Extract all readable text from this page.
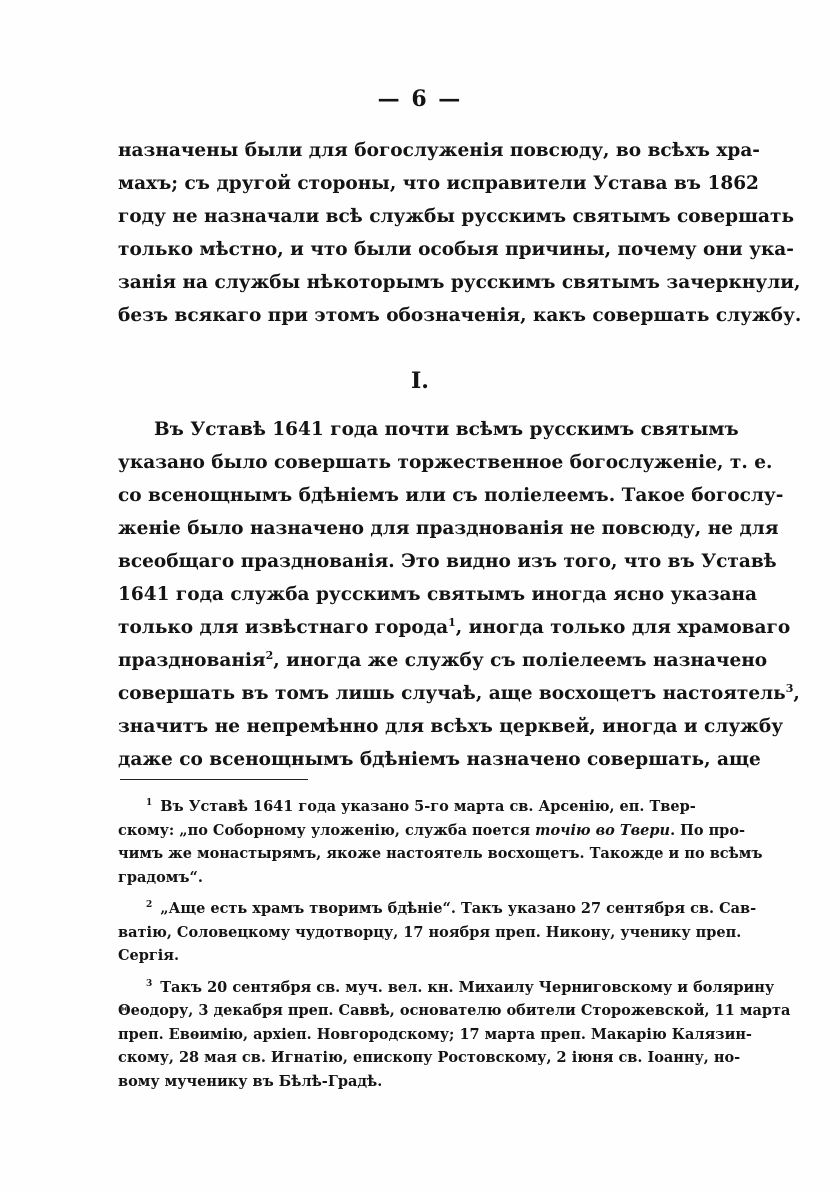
— 6 —
назначены были для богослуженія повсюду, во всѣхъ хра-
махъ; съ другой стороны, что исправители Устава въ 1862
году не назначали всѣ службы русскимъ святымъ совершать
только мѣстно, и что были особыя причины, почему они ука-
занія на службы нѣкоторымъ русскимъ святымъ зачеркнули,
безъ всякаго при этомъ обозначенія, какъ совершать службу.
I.
Въ Уставѣ 1641 года почти всѣмъ русскимъ святымъ
указано было совершать торжественное богослуженіе, т. е.
со всенощнымъ бдѣніемъ или съ полiелеемъ. Такое богослу-
женіе было назначено для празднованія не повсюду, не для
всеобщаго празднованія. Это видно изъ того, что въ Уставѣ
1641 года служба русскимъ святымъ иногда ясно указана
только для извѣстнаго города$^1$, иногда только для храмоваго
празднованія$^2$, иногда же службу съ полiелеемъ назначено
совершать въ томъ лишь случаѣ, аще восхощетъ настоятель$^3$,
значитъ не непремѣнно для всѣхъ церквей, иногда и службу
даже со всенощнымъ бдѣніемъ назначено совершать, аще
$^1$ Въ Уставѣ 1641 года указано 5-го марта св. Арсенію, еп. Твер-
скому: „по Соборному уложенію, служба поется точію во Твери. По про-
чимъ же монастырямъ, якоже настоятель восхощетъ. Такожде и по всѣмъ
градомъ“.
$^2$ „Аще есть храмъ творимъ бдѣніе“. Такъ указано 27 сентября св. Сав-
ватію, Соловецкому чудотворцу, 17 ноября преп. Никону, ученику преп.
Сергія.
$^3$ Такъ 20 сентября св. муч. вел. кн. Михаилу Черниговскому и болярину
Θеодору, 3 декабря преп. Саввѣ, основателю обители Сторожевской, 11 марта
преп. Евѳимію, архіеп. Новгородскому; 17 марта преп. Макарію Калязин-
скому, 28 мая св. Игнатію, епископу Ростовскому, 2 іюня св. Іоанну, но-
вому мученику въ Бѣлѣ-Градѣ.
